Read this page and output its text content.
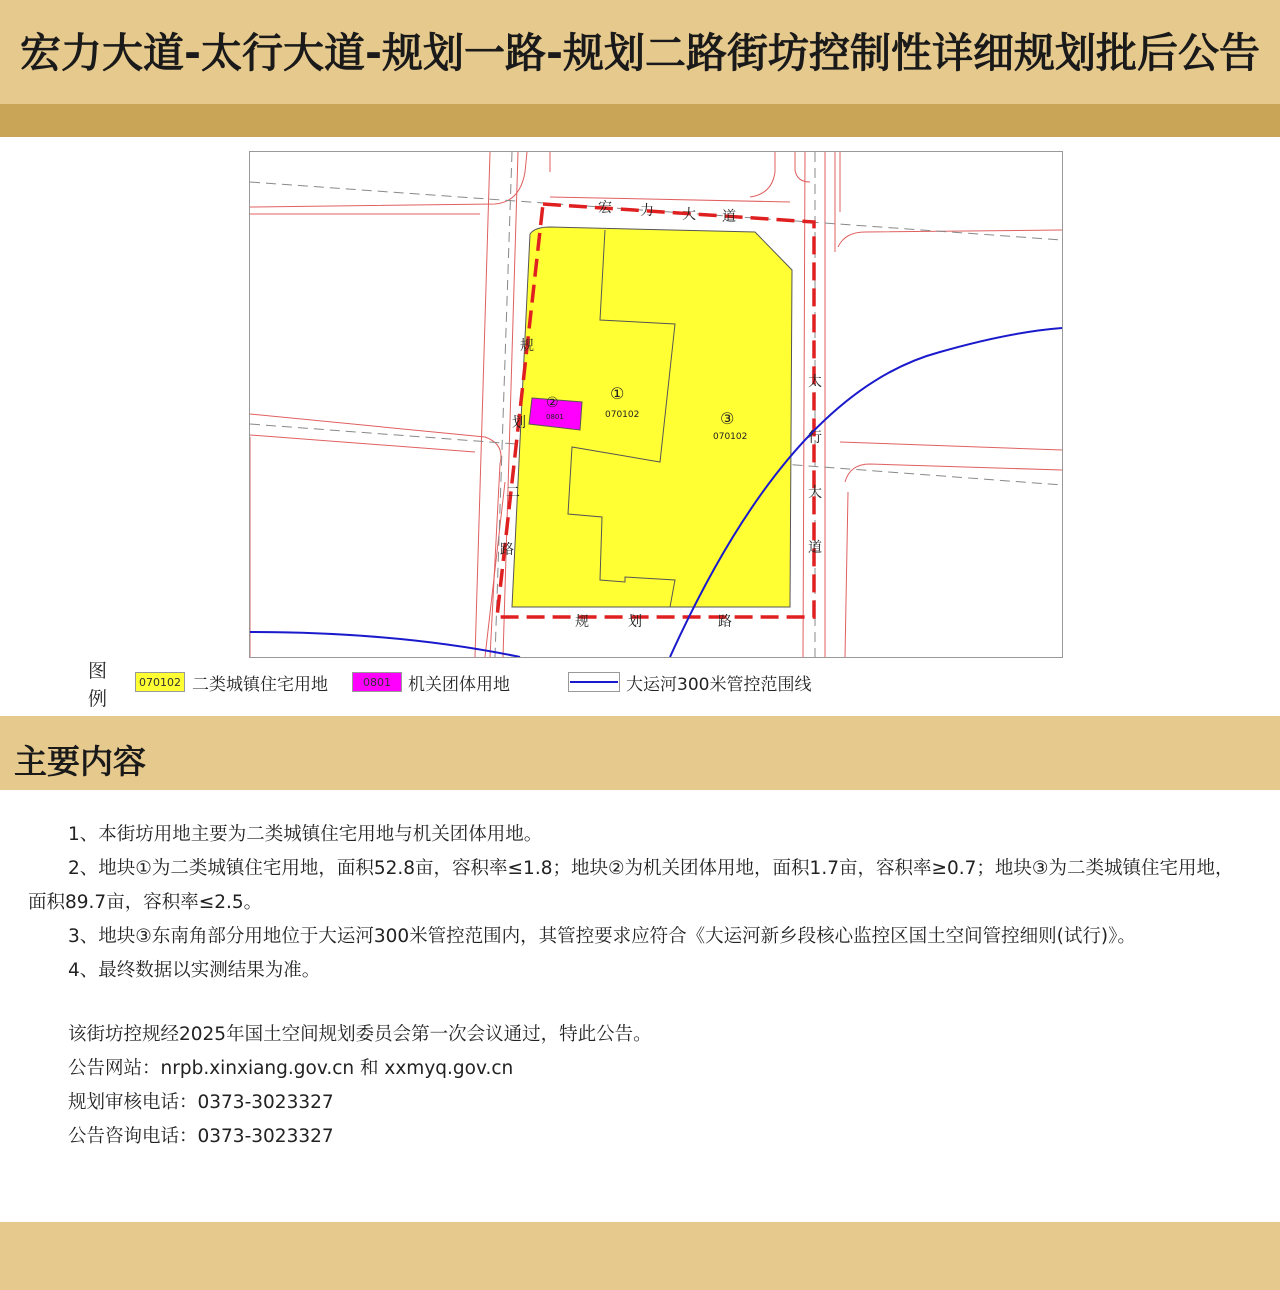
宏力大道-太行大道-规划一路-规划二路街坊控制性详细规划批后公告
宏 力 大 道
太
行
大
道
规	划	路
规
划
二
路
①
070102
②
0801	③
070102
图
例
070102 二类城镇住宅用地	0801	机关团体用地	大运河300米管控范围线
主要内容

1、本街坊用地主要为二类城镇住宅用地与机关团体用地。

2、地块①为二类城镇住宅用地，面积52.8亩，容积率≤1.8；地块②为机关团体用地，面积1.7亩，容积率≥0.7；地块③为二类城镇住宅用地，面积89.7亩，容积率≤2.5。

3、地块③东南角部分用地位于大运河300米管控范围内，其管控要求应符合《大运河新乡段核心监控区国土空间管控细则(试行)》。

4、最终数据以实测结果为准。

该街坊控规经2025年国土空间规划委员会第一次会议通过，特此公告。
公告网站：nrpb.xinxiang.gov.cn 和 xxmyq.gov.cn
规划审核电话：0373-3023327
公告咨询电话：0373-3023327
